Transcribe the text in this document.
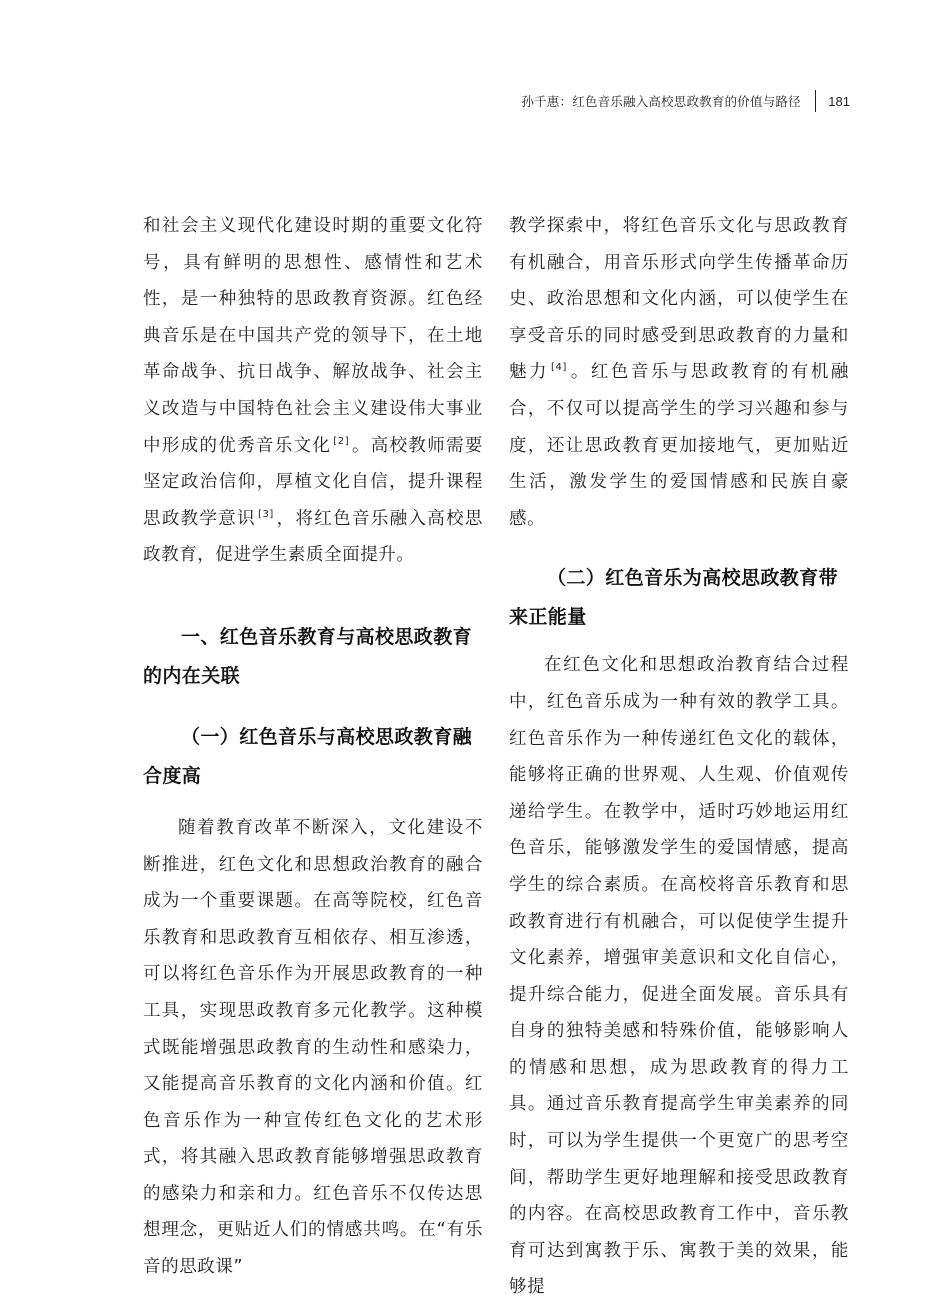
孙千惠：红色音乐融入高校思政教育的价值与路径 181

和社会主义现代化建设时期的重要文化符号，具有鲜明的思想性、感情性和艺术性，是一种独特的思政教育资源。红色经典音乐是在中国共产党的领导下，在土地革命战争、抗日战争、解放战争、社会主义改造与中国特色社会主义建设伟大事业中形成的优秀音乐文化 [2] 。高校教师需要坚定政治信仰，厚植文化自信，提升课程思政教学意识 [3] ，将红色音乐融入高校思政教育，促进学生素质全面提升。

一、红色音乐教育与高校思政教育的内在关联
（一）红色音乐与高校思政教育融合度高

随着教育改革不断深入，文化建设不断推进，红色文化和思想政治教育的融合成为一个重要课题。在高等院校，红色音乐教育和思政教育互相依存、相互渗透，可以将红色音乐作为开展思政教育的一种工具，实现思政教育多元化教学。这种模式既能增强思政教育的生动性和感染力，又能提高音乐教育的文化内涵和价值。红色音乐作为一种宣传红色文化的艺术形式，将其融入思政教育能够增强思政教育的感染力和亲和力。红色音乐不仅传达思想理念，更贴近人们的情感共鸣。在“有乐音的思政课”

教学探索中，将红色音乐文化与思政教育有机融合，用音乐形式向学生传播革命历史、政治思想和文化内涵，可以使学生在享受音乐的同时感受到思政教育的力量和魅力 [4] 。红色音乐与思政教育的有机融合，不仅可以提高学生的学习兴趣和参与度，还让思政教育更加接地气，更加贴近生活，激发学生的爱国情感和民族自豪感。

（二）红色音乐为高校思政教育带来正能量

在红色文化和思想政治教育结合过程中，红色音乐成为一种有效的教学工具。红色音乐作为一种传递红色文化的载体，能够将正确的世界观、人生观、价值观传递给学生。在教学中，适时巧妙地运用红色音乐，能够激发学生的爱国情感，提高学生的综合素质。在高校将音乐教育和思政教育进行有机融合，可以促使学生提升文化素养，增强审美意识和文化自信心，提升综合能力，促进全面发展。音乐具有自身的独特美感和特殊价值，能够影响人的情感和思想，成为思政教育的得力工具。通过音乐教育提高学生审美素养的同时，可以为学生提供一个更宽广的思考空间，帮助学生更好地理解和接受思政教育的内容。在高校思政教育工作中，音乐教育可达到寓教于乐、寓教于美的效果，能够提
